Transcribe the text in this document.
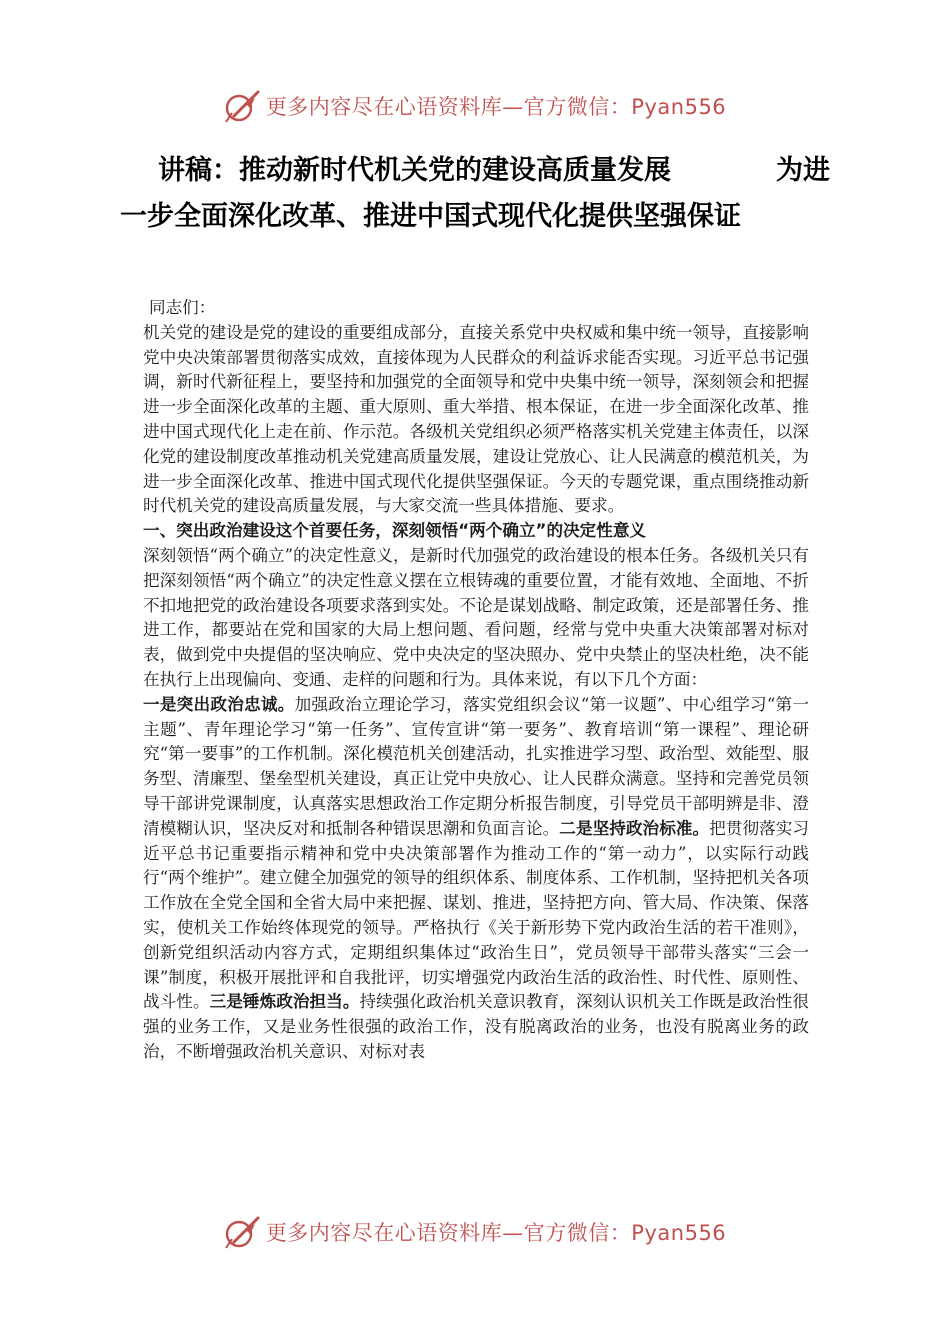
更多内容尽在心语资料库—官方微信：Pyan556
讲稿：推动新时代机关党的建设高质量发展	为进
一步全面深化改革、推进中国式现代化提供坚强保证

同志们：

机关党的建设是党的建设的重要组成部分，直接关系党中央权威和集中统一领导，直接影响党中央决策部署贯彻落实成效，直接体现为人民群众的利益诉求能否实现。习近平总书记强调，新时代新征程上，要坚持和加强党的全面领导和党中央集中统一领导，深刻领会和把握进一步全面深化改革的主题、重大原则、重大举措、根本保证，在进一步全面深化改革、推进中国式现代化上走在前、作示范。各级机关党组织必须严格落实机关党建主体责任，以深化党的建设制度改革推动机关党建高质量发展，建设让党放心、让人民满意的模范机关，为进一步全面深化改革、推进中国式现代化提供坚强保证。今天的专题党课，重点围绕推动新时代机关党的建设高质量发展，与大家交流一些具体措施、要求。

一、突出政治建设这个首要任务，深刻领悟“两个确立”的决定性意义

深刻领悟“两个确立”的决定性意义，是新时代加强党的政治建设的根本任务。各级机关只有把深刻领悟“两个确立”的决定性意义摆在立根铸魂的重要位置，才能有效地、全面地、不折不扣地把党的政治建设各项要求落到实处。不论是谋划战略、制定政策，还是部署任务、推进工作，都要站在党和国家的大局上想问题、看问题，经常与党中央重大决策部署对标对表，做到党中央提倡的坚决响应、党中央决定的坚决照办、党中央禁止的坚决杜绝，决不能在执行上出现偏向、变通、走样的问题和行为。具体来说，有以下几个方面：

一是突出政治忠诚。加强政治立理论学习，落实党组织会议“第一议题”、中心组学习“第一主题”、青年理论学习“第一任务”、宣传宣讲“第一要务”、教育培训“第一课程”、理论研究“第一要事”的工作机制。深化模范机关创建活动，扎实推进学习型、政治型、效能型、服务型、清廉型、堡垒型机关建设，真正让党中央放心、让人民群众满意。坚持和完善党员领导干部讲党课制度，认真落实思想政治工作定期分析报告制度，引导党员干部明辨是非、澄清模糊认识，坚决反对和抵制各种错误思潮和负面言论。二是坚持政治标准。把贯彻落实习近平总书记重要指示精神和党中央决策部署作为推动工作的“第一动力”，以实际行动践行“两个维护”。建立健全加强党的领导的组织体系、制度体系、工作机制，坚持把机关各项工作放在全党全国和全省大局中来把握、谋划、推进，坚持把方向、管大局、作决策、保落实，使机关工作始终体现党的领导。严格执行《关于新形势下党内政治生活的若干准则》，创新党组织活动内容方式，定期组织集体过“政治生日”，党员领导干部带头落实“三会一课”制度，积极开展批评和自我批评，切实增强党内政治生活的政治性、时代性、原则性、战斗性。三是锤炼政治担当。持续强化政治机关意识教育，深刻认识机关工作既是政治性很强的业务工作，又是业务性很强的政治工作，没有脱离政治的业务，也没有脱离业务的政治，不断增强政治机关意识、对标对表

更多内容尽在心语资料库—官方微信：Pyan556
